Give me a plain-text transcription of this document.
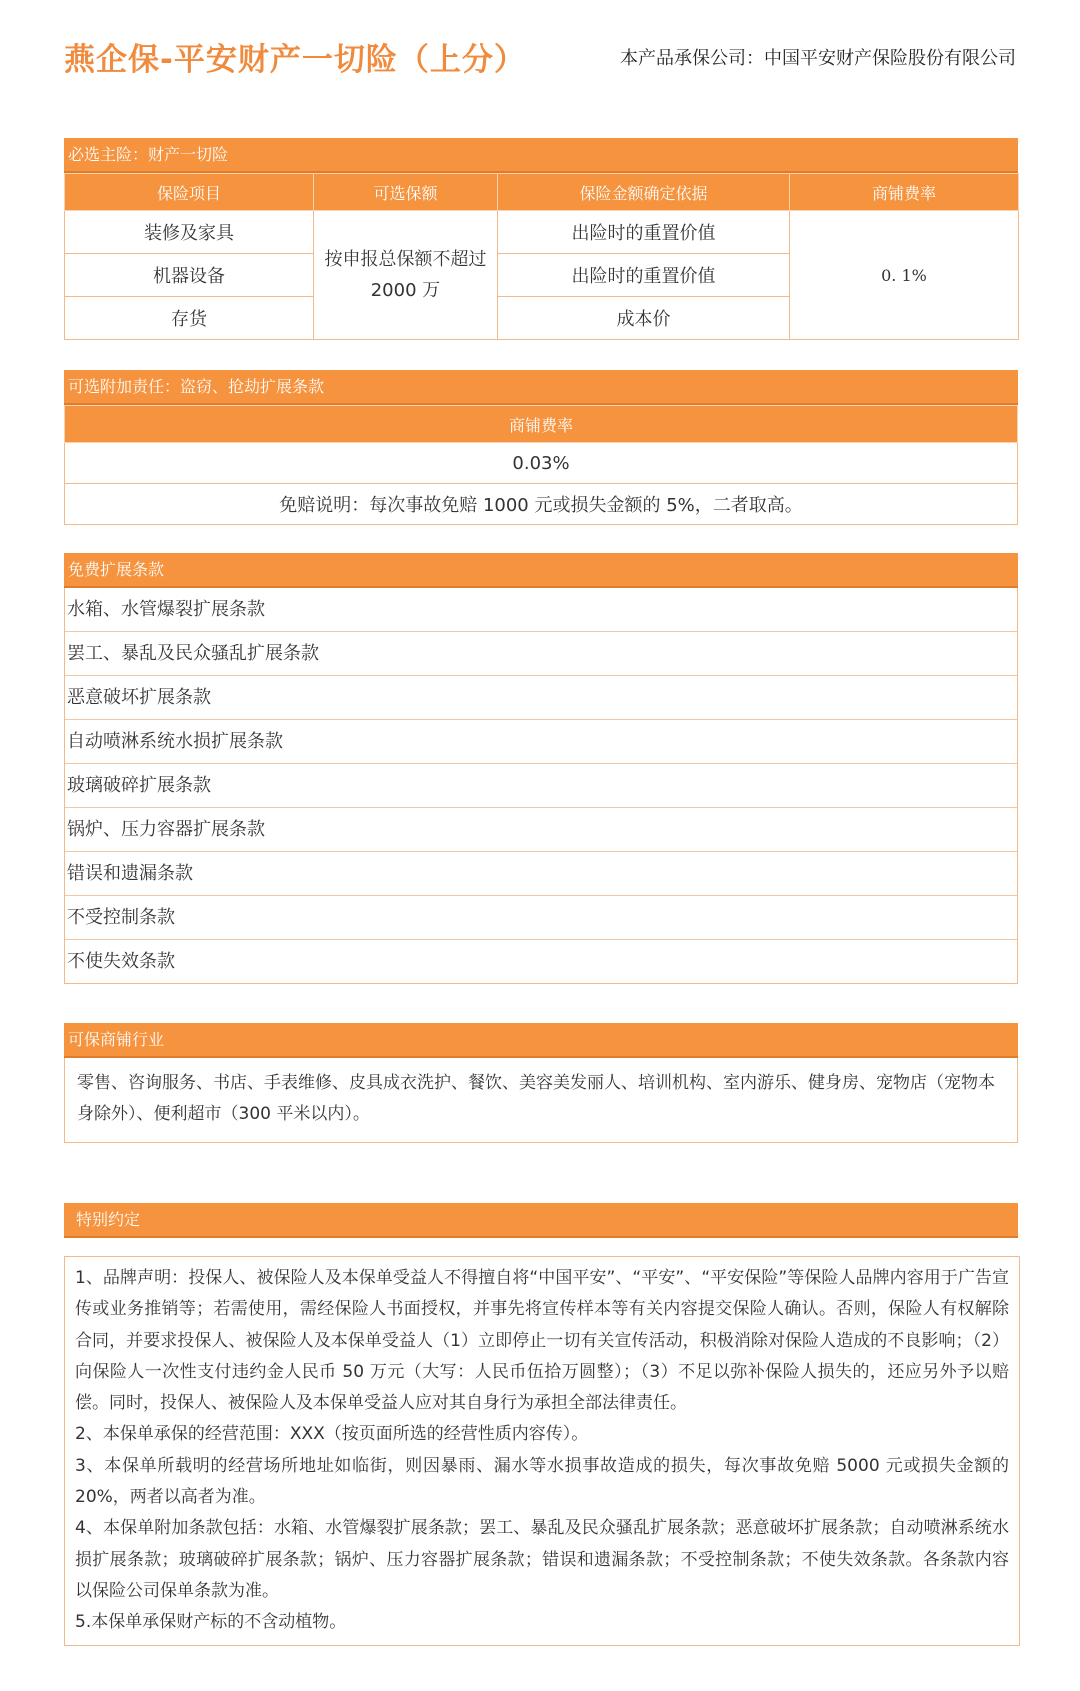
燕企保-平安财产一切险（上分）	本产品承保公司：中国平安财产保险股份有限公司
必选主险：财产一切险
保险项目	可选保额	保险金额确定依据	商铺费率
装修及家具	按申报总保额不超过 2000 万	出险时的重置价值	0. 1%
机器设备		出险时的重置价值	
存货		成本价	
可选附加责任：盗窃、抢劫扩展条款
商铺费率
0.03%
免赔说明：每次事故免赔 1000 元或损失金额的 5%，二者取高。
免费扩展条款
水箱、水管爆裂扩展条款
罢工、暴乱及民众骚乱扩展条款
恶意破坏扩展条款
自动喷淋系统水损扩展条款
玻璃破碎扩展条款
锅炉、压力容器扩展条款
错误和遗漏条款
不受控制条款
不使失效条款
可保商铺行业
零售、咨询服务、书店、手表维修、皮具成衣洗护、餐饮、美容美发丽人、培训机构、室内游乐、健身房、宠物店（宠物本身除外）、便利超市（300 平米以内）。
特别约定

1、品牌声明：投保人、被保险人及本保单受益人不得擅自将“中国平安”、“平安”、“平安保险”等保险人品牌内容用于广告宣传或业务推销等；若需使用，需经保险人书面授权，并事先将宣传样本等有关内容提交保险人确认。否则，保险人有权解除合同，并要求投保人、被保险人及本保单受益人（1）立即停止一切有关宣传活动，积极消除对保险人造成的不良影响；（2）向保险人一次性支付违约金人民币 50 万元（大写：人民币伍拾万圆整）；（3）不足以弥补保险人损失的，还应另外予以赔偿。同时，投保人、被保险人及本保单受益人应对其自身行为承担全部法律责任。

2、本保单承保的经营范围：XXX（按页面所选的经营性质内容传）。

3、本保单所载明的经营场所地址如临街，则因暴雨、漏水等水损事故造成的损失，每次事故免赔 5000 元或损失金额的 20%，两者以高者为准。

4、本保单附加条款包括：水箱、水管爆裂扩展条款；罢工、暴乱及民众骚乱扩展条款；恶意破坏扩展条款；自动喷淋系统水损扩展条款；玻璃破碎扩展条款；锅炉、压力容器扩展条款；错误和遗漏条款；不受控制条款；不使失效条款。各条款内容以保险公司保单条款为准。

5.本保单承保财产标的不含动植物。
